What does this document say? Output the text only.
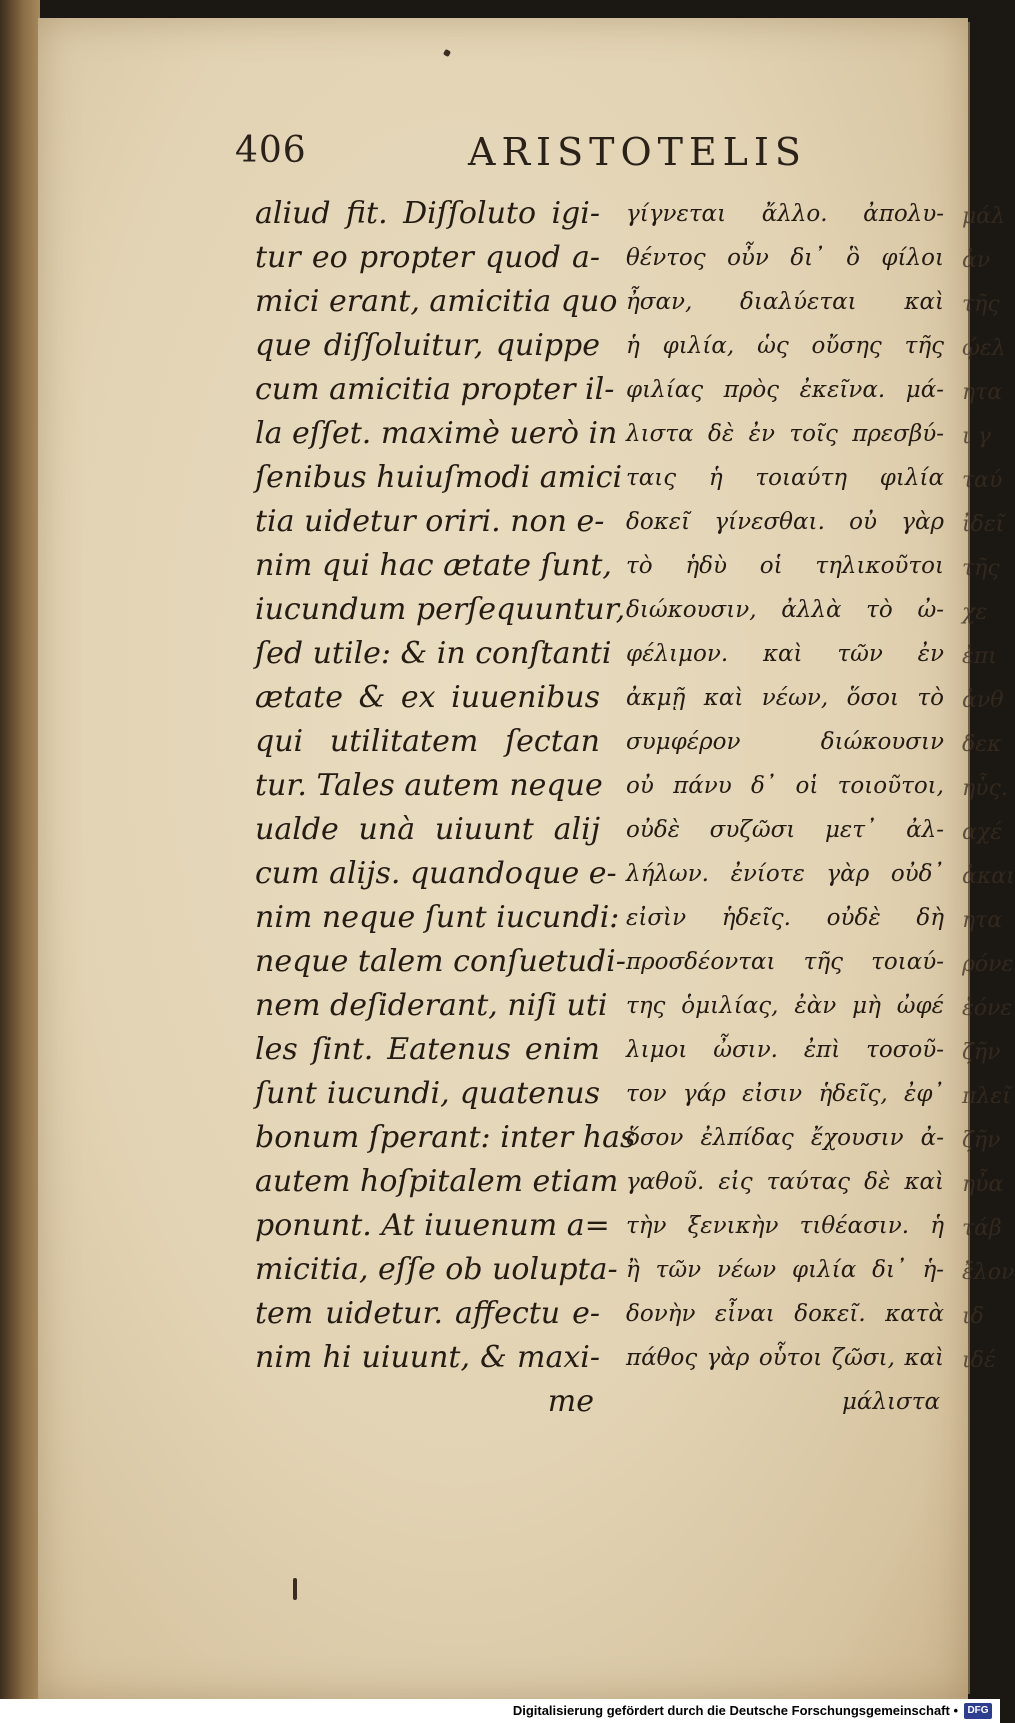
μάλ
ἀν
τῆς
ῴελ
ητα
ι γ
ταύ
ἰδεῖ
τῆς
χε
ἐπι
ἀνθ
δεκ
ηὖς.
αχέ
ἀκαι
ητα
ρόνε
ἑόνε
ζῆν
πλεῖ
ζῆν
ηὖα
τάβ
ἔλον
ιδ
ιδέ
406	ARISTOTELIS
aliud fit. Diſſoluto igi-
tur eo propter quod a-
mici erant, amicitia quo
que diſſoluitur, quippe
cum amicitia propter il-
la eſſet. maximè uerò in
ſenibus huiuſmodi amici
tia uidetur oriri. non e-
nim qui hac ætate ſunt,
iucundum perſequuntur,
ſed utile: & in conſtanti
ætate & ex iuuenibus
qui utilitatem ſectan
tur. Tales autem neque
ualde unà uiuunt alij
cum alijs. quandoque e-
nim neque ſunt iucundi:
neque talem conſuetudi-
nem deſiderant, niſi uti
les ſint. Eatenus enim
ſunt iucundi, quatenus
bonum ſperant: inter has
autem hoſpitalem etiam
ponunt. At iuuenum a=
micitia, eſſe ob uolupta-
tem uidetur. affectu e-
nim hi uiuunt, & maxi-
me
γίγνεται ἄλλο. ἀπολυ-
θέντος οὖν δι᾽ ὃ φίλοι
ἦσαν, διαλύεται καὶ
ἡ φιλία, ὡς οὔσης τῆς
φιλίας πρὸς ἐκεῖνα. μά-
λιστα δὲ ἐν τοῖς πρεσβύ-
ταις ἡ τοιαύτη φιλία
δοκεῖ γίνεσθαι. οὐ γὰρ
τὸ ἡδὺ οἱ τηλικοῦτοι
διώκουσιν, ἀλλὰ τὸ ὠ-
φέλιμον. καὶ τῶν ἐν
ἀκμῇ καὶ νέων, ὅσοι τὸ
συμφέρον διώκουσιν
οὐ πάνυ δ᾽ οἱ τοιοῦτοι,
οὐδὲ συζῶσι μετ᾽ ἀλ-
λήλων. ἐνίοτε γὰρ οὐδ᾽
εἰσὶν ἡδεῖς. οὐδὲ δὴ
προσδέονται τῆς τοιαύ-
της ὁμιλίας, ἐὰν μὴ ὠφέ
λιμοι ὦσιν. ἐπὶ τοσοῦ-
τον γάρ εἰσιν ἡδεῖς, ἐφ᾽
ὅσον ἐλπίδας ἔχουσιν ἀ-
γαθοῦ. εἰς ταύτας δὲ καὶ
τὴν ξενικὴν τιθέασιν. ἡ
ἢ τῶν νέων φιλία δι᾽ ἡ-
δονὴν εἶναι δοκεῖ. κατὰ
πάθος γὰρ οὗτοι ζῶσι, καὶ
μάλιστα
Digitalisierung gefördert durch die Deutsche Forschungsgemeinschaft • DFG
